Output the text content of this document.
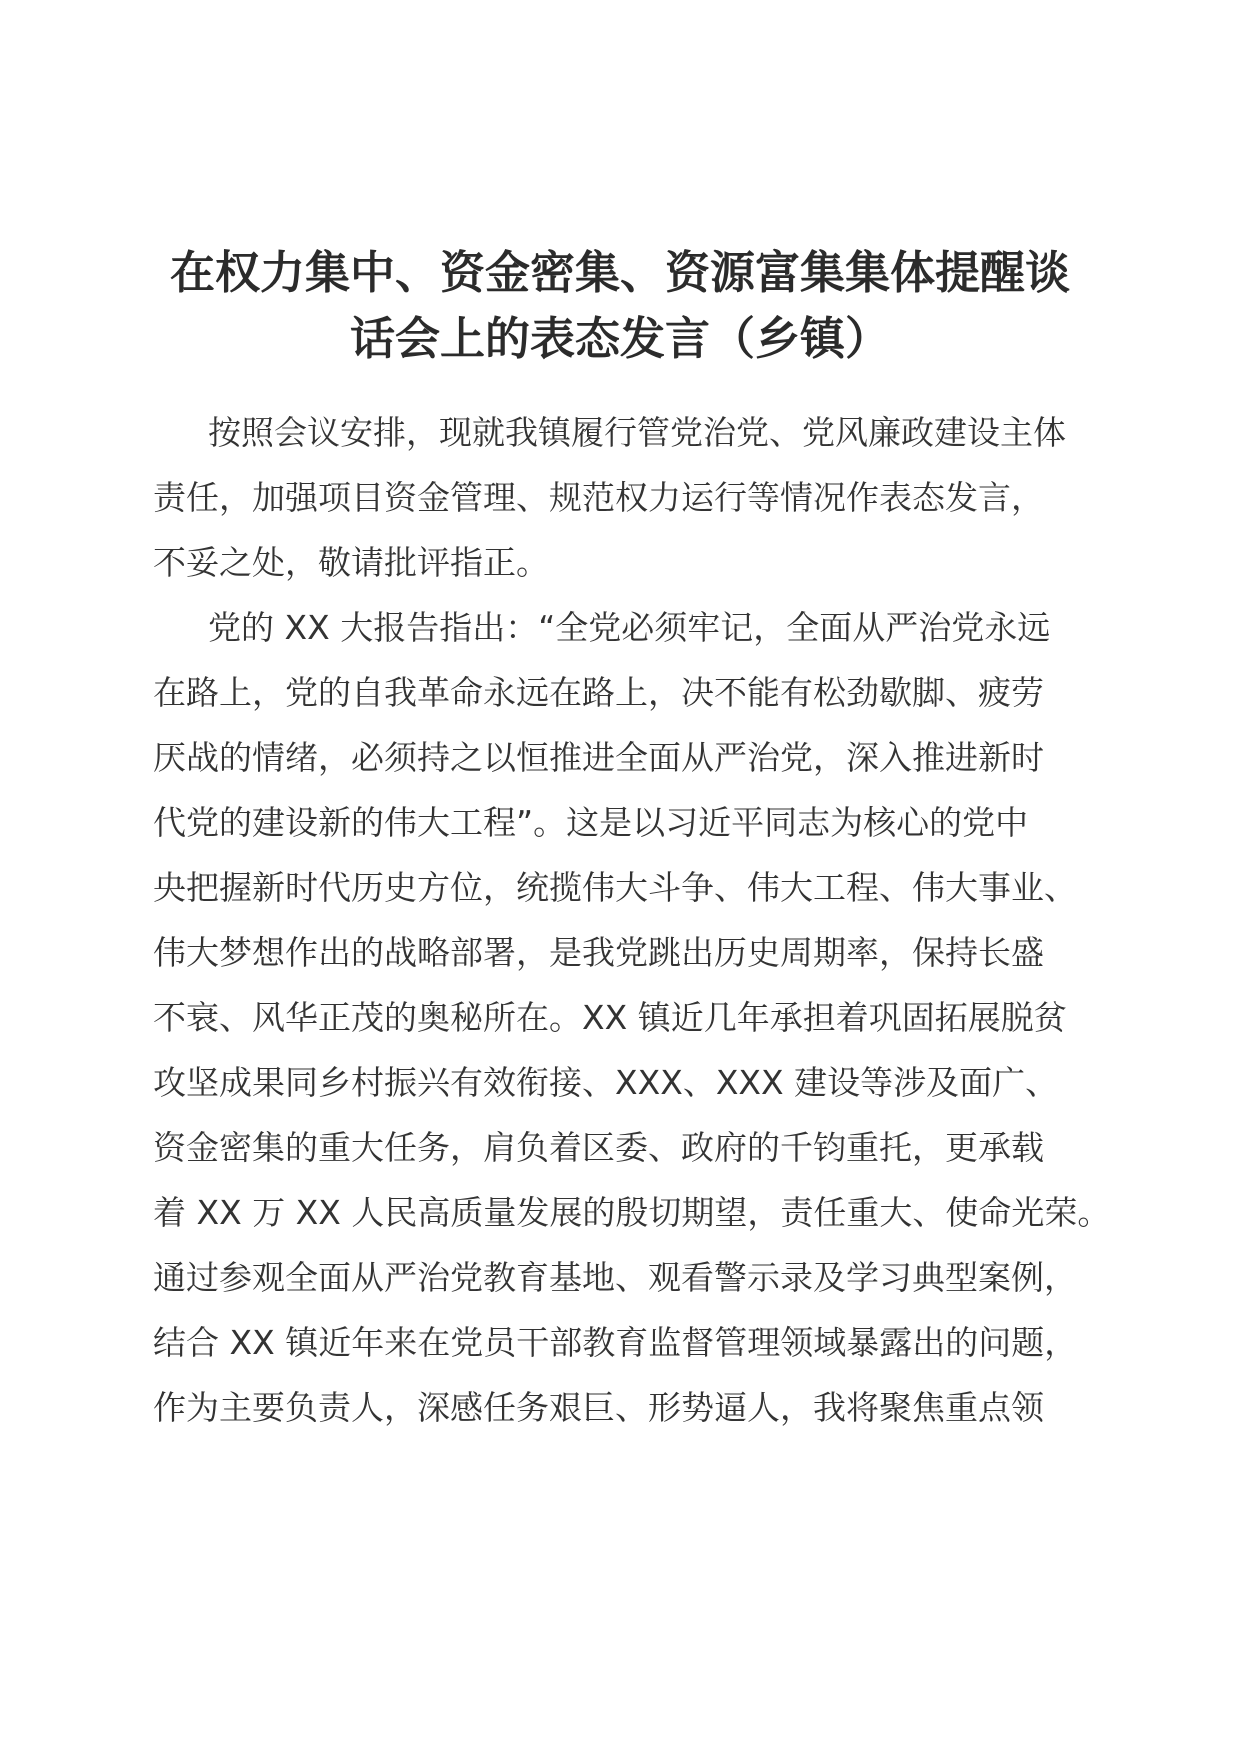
在权力集中、资金密集、资源富集集体提醒谈
话会上的表态发言（乡镇）
按照会议安排，现就我镇履行管党治党、党风廉政建设主体
责任，加强项目资金管理、规范权力运行等情况作表态发言，
不妥之处，敬请批评指正。
党的 XX 大报告指出：“全党必须牢记，全面从严治党永远
在路上，党的自我革命永远在路上，决不能有松劲歇脚、疲劳
厌战的情绪，必须持之以恒推进全面从严治党，深入推进新时
代党的建设新的伟大工程”。这是以习近平同志为核心的党中
央把握新时代历史方位，统揽伟大斗争、伟大工程、伟大事业、
伟大梦想作出的战略部署，是我党跳出历史周期率，保持长盛
不衰、风华正茂的奥秘所在。XX 镇近几年承担着巩固拓展脱贫
攻坚成果同乡村振兴有效衔接、XXX、XXX 建设等涉及面广、
资金密集的重大任务，肩负着区委、政府的千钧重托，更承载
着 XX 万 XX 人民高质量发展的殷切期望，责任重大、使命光荣。
通过参观全面从严治党教育基地、观看警示录及学习典型案例，
结合 XX 镇近年来在党员干部教育监督管理领域暴露出的问题，
作为主要负责人，深感任务艰巨、形势逼人，我将聚焦重点领
